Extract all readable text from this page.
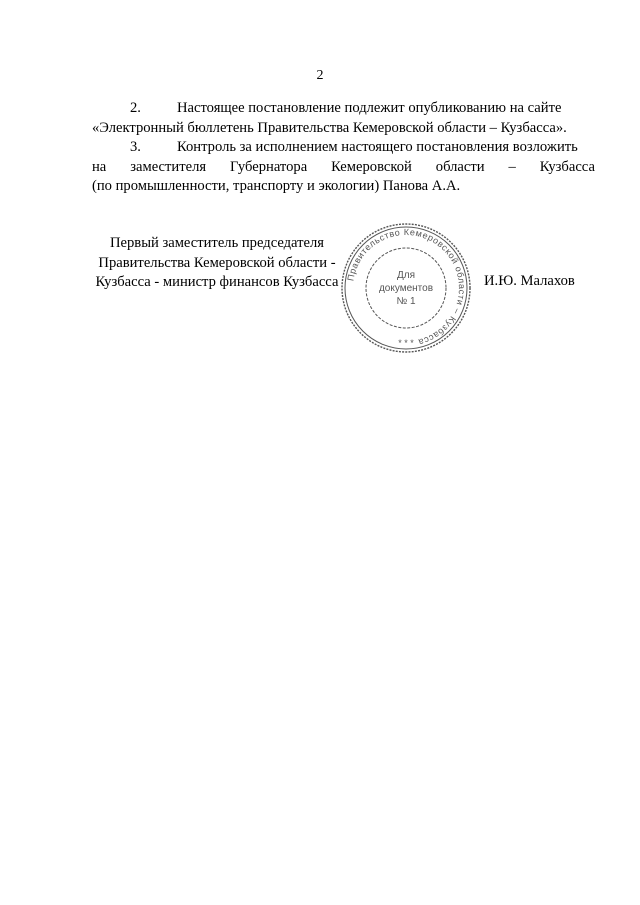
2
2. Настоящее постановление подлежит опубликованию на сайте
«Электронный бюллетень Правительства Кемеровской области – Кузбасса».
3. Контроль за исполнением настоящего постановления возложить
на заместителя Губернатора Кемеровской области – Кузбасса
(по промышленности, транспорту и экологии) Панова А.А.
Первый заместитель председателя
Правительства Кемеровской области -
Кузбасса - министр финансов Кузбасса Правительство Кемеровской области – Кузбасса
Для
документов
№ 1
* * *
И.Ю. Малахов
